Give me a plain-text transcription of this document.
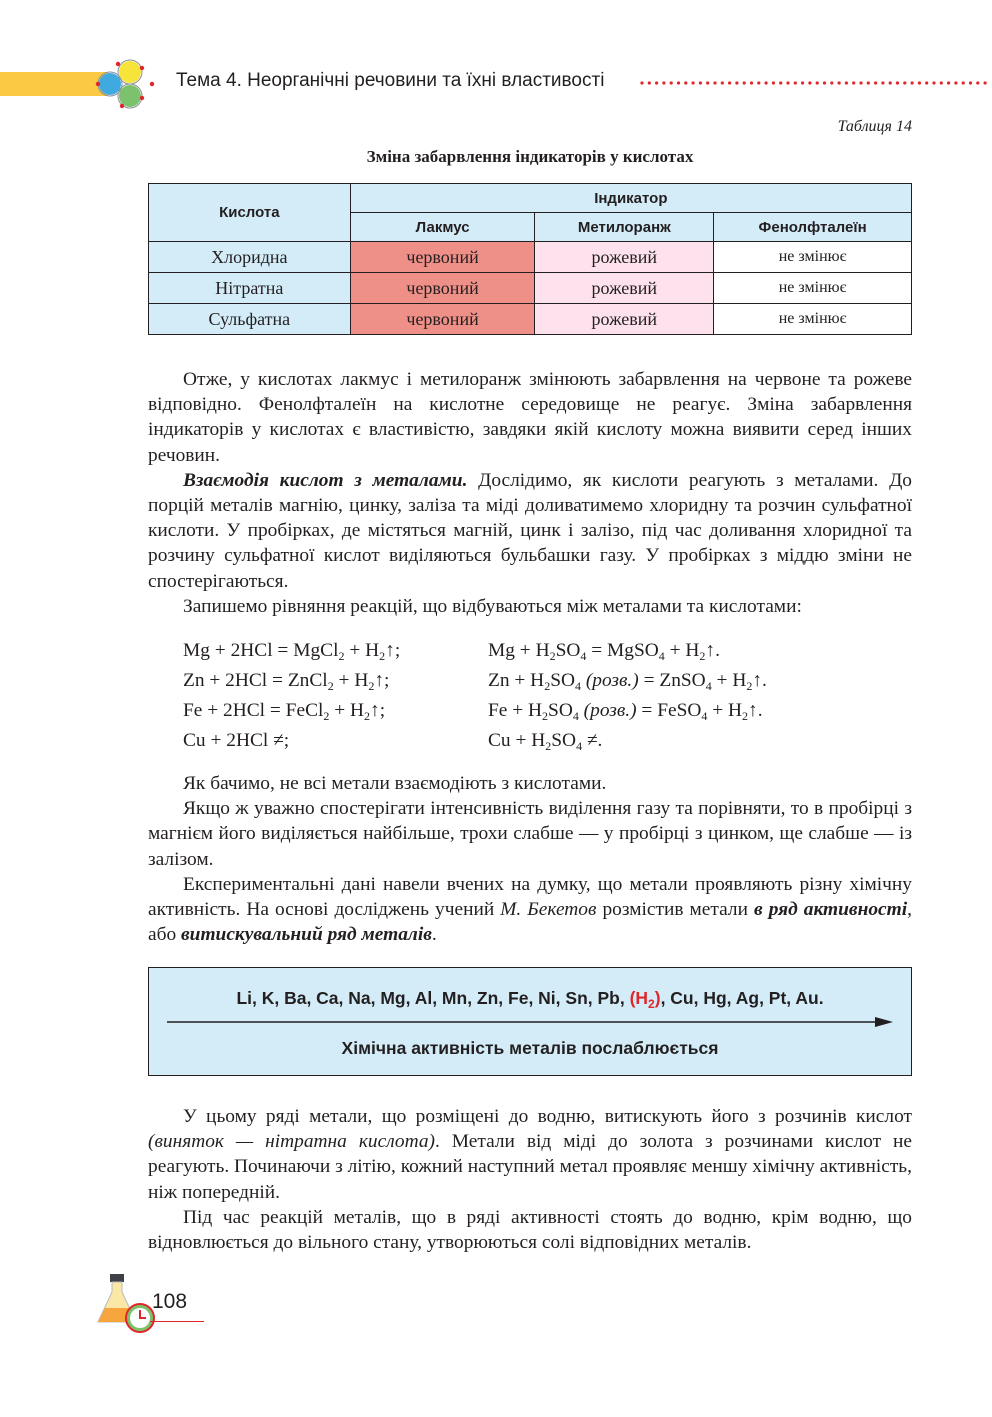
Тема 4. Неорганічні речовини та їхні властивості
Таблиця 14
Зміна забарвлення індикаторів у кислотах
Кислота	Індикатор		
	Лакмус	Метилоранж	Фенолфталеїн
Хлоридна	червоний	рожевий	не змінює
Нітратна	червоний	рожевий	не змінює
Сульфатна	червоний	рожевий	не змінює

Отже, у кислотах лакмус і метилоранж змінюють забарвлення на червоне та рожеве відповідно. Фенолфталеїн на кислотне середовище не реагує. Зміна забарвлення індикаторів у кислотах є властивістю, завдяки якій кислоту можна виявити серед інших речовин.

Взаємодія кислот з металами. Дослідимо, як кислоти реагують з металами. До порцій металів магнію, цинку, заліза та міді доливатимемо хлоридну та розчин сульфатної кислоти. У пробірках, де містяться магній, цинк і залізо, під час доливання хлоридної та розчину сульфатної кислот виділяються бульбашки газу. У пробірках з міддю зміни не спостерігаються.

Запишемо рівняння реакцій, що відбуваються між металами та кислотами:

Mg + 2HCl = MgCl$_2$ + $H_2↑$;	$Mg + H_2SO_4$ = MgSO$_4$ + $H_2↑$.
Zn + 2HCl = ZnCl$_2$ + $H_2↑$;	$Zn + H_2SO_4$ (розв.) = ZnSO$_4$ + $H_2↑$.
Fe + 2HCl = FeCl$_2$ + $H_2↑$;	$Fe + H_2SO_4$ (розв.) = FeSO$_4$ + $H_2↑$.
Cu + 2HCl ≠;	$Cu + H_2SO_4$ ≠.

Як бачимо, не всі метали взаємодіють з кислотами.

Якщо ж уважно спостерігати інтенсивність виділення газу та порівняти, то в пробірці з магнієм його виділяється найбільше, трохи слабше — у пробірці з цинком, ще слабше — із залізом.

Експериментальні дані навели вчених на думку, що метали проявляють різну хімічну активність. На основі досліджень учений М. Бекетов розмістив метали в ряд активності, або витискувальний ряд металів.

Li, K, Ba, Ca, Na, Mg, Al, Mn, Zn, Fe, Ni, Sn, Pb, $(H_2)$, Cu, Hg, Ag, Pt, Au.
Хімічна активність металів послаблюється

У цьому ряді метали, що розміщені до водню, витискують його з розчинів кислот (виняток — нітратна кислота). Метали від міді до золота з розчинами кислот не реагують. Починаючи з літію, кожний наступний метал проявляє меншу хімічну активність, ніж попередній.

Під час реакцій металів, що в ряді активності стоять до водню, крім водню, що відновлюється до вільного стану, утворюються солі відповідних металів.

108
